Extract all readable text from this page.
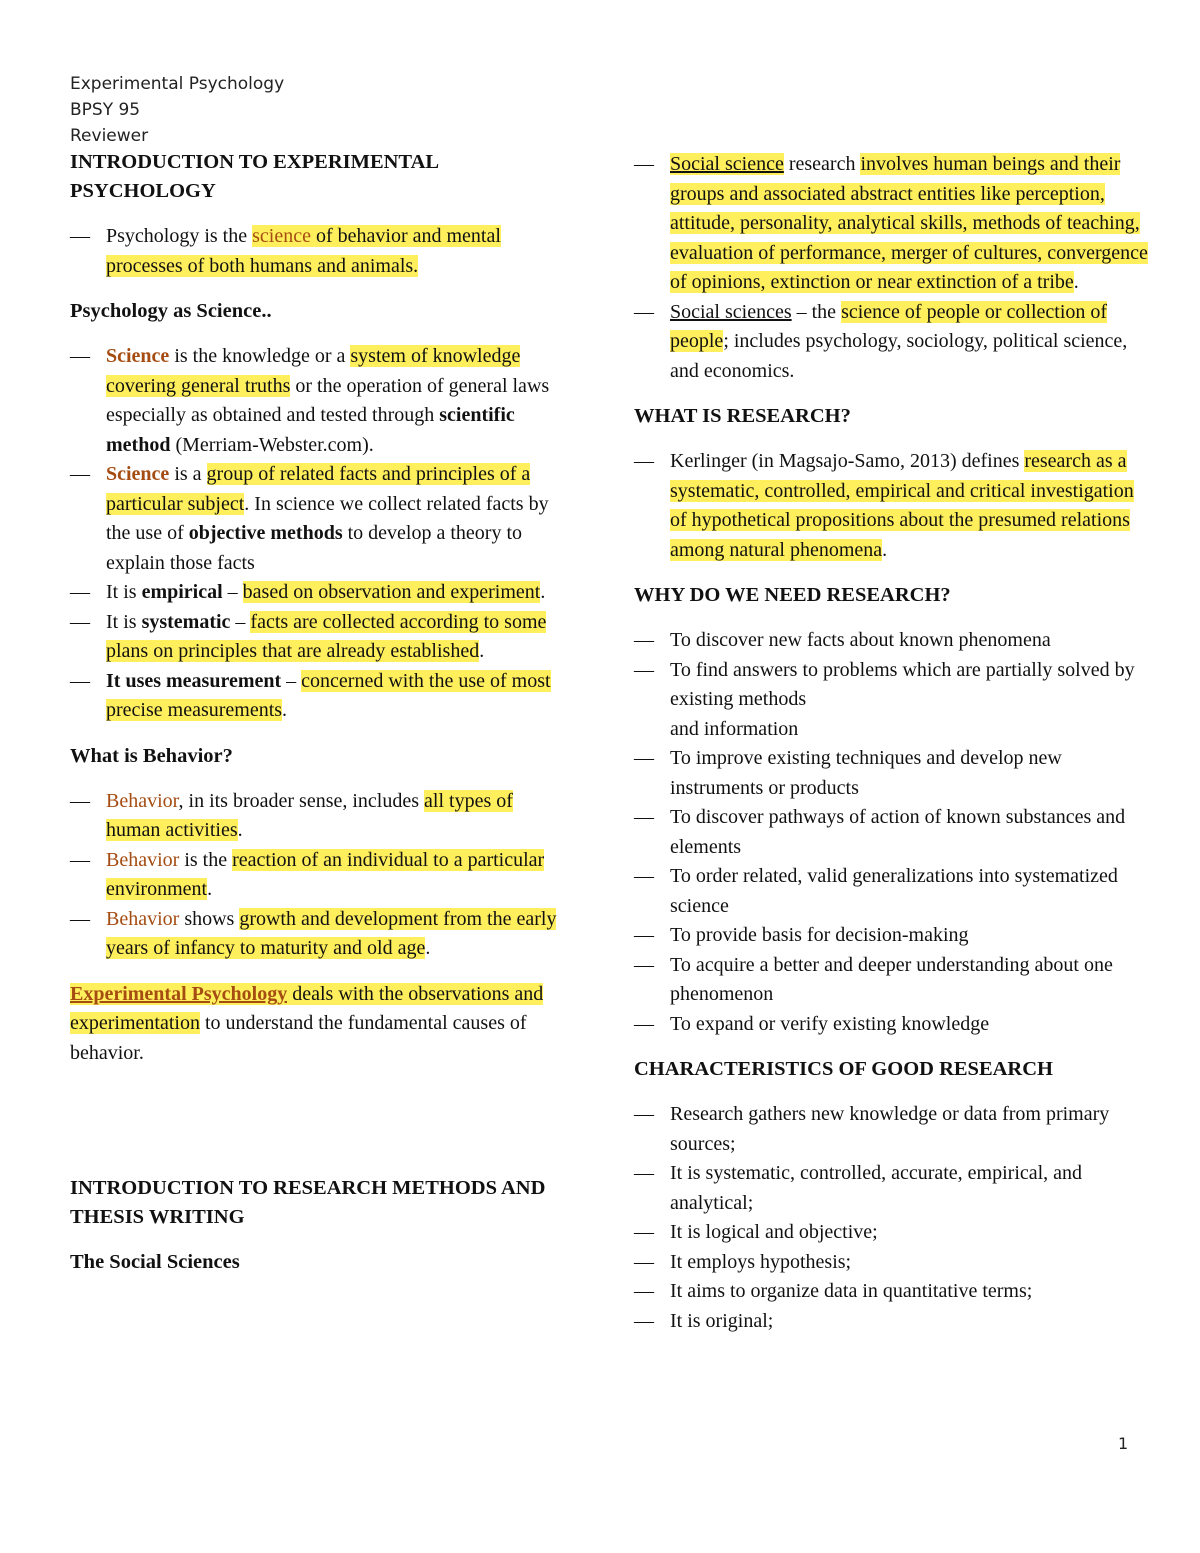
Experimental Psychology
BPSY 95
Reviewer

INTRODUCTION TO EXPERIMENTAL PSYCHOLOGY

— Psychology is the science of behavior and mental processes of both humans and animals.

Psychology as Science..

— Science is the knowledge or a system of knowledge covering general truths or the operation of general laws especially as obtained and tested through scientific method (Merriam-Webster.com).

— Science is a group of related facts and principles of a particular subject. In science we collect related facts by the use of objective methods to develop a theory to explain those facts

— It is empirical – based on observation and experiment.

— It is systematic – facts are collected according to some plans on principles that are already established.

— It uses measurement – concerned with the use of most precise measurements.

What is Behavior?

— Behavior, in its broader sense, includes all types of human activities.

— Behavior is the reaction of an individual to a particular environment.

— Behavior shows growth and development from the early years of infancy to maturity and old age.

Experimental Psychology deals with the observations and experimentation to understand the fundamental causes of behavior.

INTRODUCTION TO RESEARCH METHODS AND THESIS WRITING

The Social Sciences

— Social science research involves human beings and their groups and associated abstract entities like perception, attitude, personality, analytical skills, methods of teaching, evaluation of performance, merger of cultures, convergence of opinions, extinction or near extinction of a tribe.

— Social sciences – the science of people or collection of people; includes psychology, sociology, political science, and economics.

WHAT IS RESEARCH?

— Kerlinger (in Magsajo-Samo, 2013) defines research as a systematic, controlled, empirical and critical investigation of hypothetical propositions about the presumed relations among natural phenomena.

WHY DO WE NEED RESEARCH?

— To discover new facts about known phenomena

— To find answers to problems which are partially solved by existing methods
and information

— To improve existing techniques and develop new instruments or products

— To discover pathways of action of known substances and elements

— To order related, valid generalizations into systematized science

— To provide basis for decision-making

— To acquire a better and deeper understanding about one phenomenon

— To expand or verify existing knowledge

CHARACTERISTICS OF GOOD RESEARCH

— Research gathers new knowledge or data from primary sources;

— It is systematic, controlled, accurate, empirical, and analytical;

— It is logical and objective;

— It employs hypothesis;

— It aims to organize data in quantitative terms;

— It is original;

1
